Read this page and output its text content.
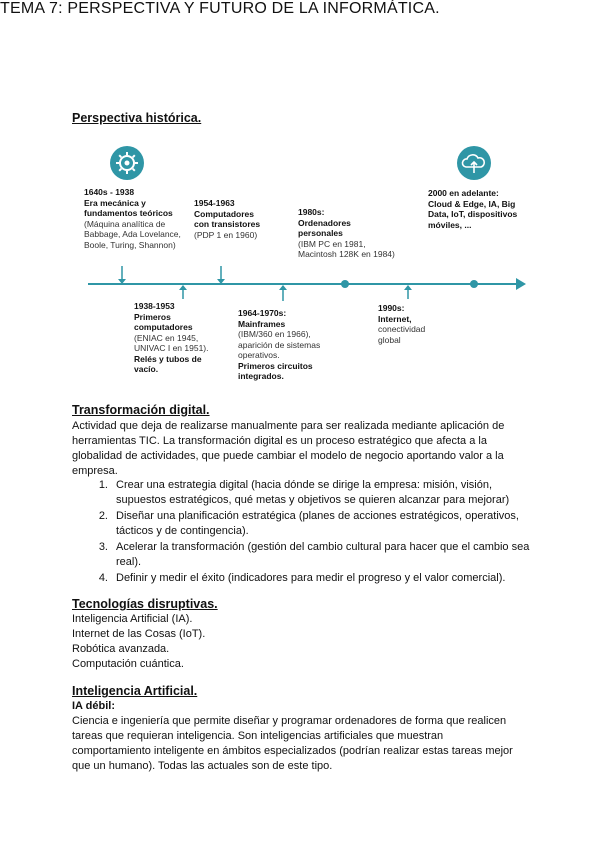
TEMA 7: PERSPECTIVA Y FUTURO DE LA INFORMÁTICA.
Perspectiva histórica.
1640s - 1938
Era mecánica y fundamentos teóricos
(Máquina analítica de Babbage, Ada Lovelance, Boole, Turing, Shannon)
1938-1953
Primeros computadores
(ENIAC en 1945, UNIVAC I en 1951).
Relés y tubos de vacío.
1954-1963
Computadores con transistores
(PDP 1 en 1960)
1964-1970s:
Mainframes
(IBM/360 en 1966), aparición de sistemas operativos.
Primeros circuitos integrados.
1980s:
Ordenadores personales
(IBM PC en 1981, Macintosh 128K en 1984)
1990s:
Internet,
conectividad global
2000 en adelante:
Cloud & Edge, IA, Big Data, IoT, dispositivos móviles, ...
Transformación digital.
Actividad que deja de realizarse manualmente para ser realizada mediante aplicación de
herramientas TIC. La transformación digital es un proceso estratégico que afecta a la
globalidad de actividades, que puede cambiar el modelo de negocio aportando valor a la
empresa.
1. Crear una estrategia digital (hacia dónde se dirige la empresa: misión, visión,
supuestos estratégicos, qué metas y objetivos se quieren alcanzar para mejorar)
2. Diseñar una planificación estratégica (planes de acciones estratégicos, operativos,
tácticos y de contingencia).
3. Acelerar la transformación (gestión del cambio cultural para hacer que el cambio sea
real).
4. Definir y medir el éxito (indicadores para medir el progreso y el valor comercial).
Tecnologías disruptivas.
Inteligencia Artificial (IA).
Internet de las Cosas (IoT).
Robótica avanzada.
Computación cuántica.
Inteligencia Artificial.
IA débil:
Ciencia e ingeniería que permite diseñar y programar ordenadores de forma que realicen
tareas que requieran inteligencia. Son inteligencias artificiales que muestran
comportamiento inteligente en ámbitos especializados (podrían realizar estas tareas mejor
que un humano). Todas las actuales son de este tipo.
